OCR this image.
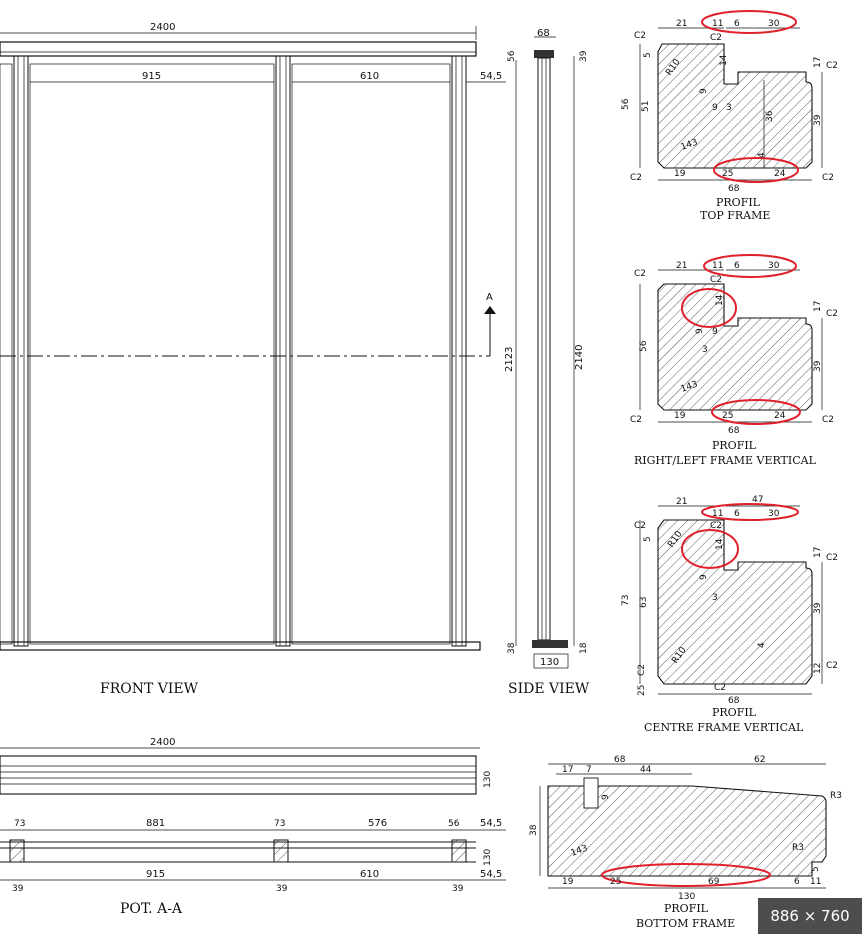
2400
915	610	54,5
A
2123
FRONT VIEW
68
56	39
2140
38
130
18
SIDE VIEW
2400
130
73	881	73	576	56 54,5
130
39
915
39
610
39
54,5
POT. A-A
21	11 6	30
C2	C2
5	14	17 C2
56 51
R10
9
9 3
36	39
143
4
C2	19	25	24	C2
68
PROFIL
TOP FRAME
21	11 6	30
C2
C2
14
17
C2
56
9 9
3
39
143
C2	19	25	24	C2
68
PROFIL
RIGHT/LEFT FRAME VERTICAL
21	47
11 6	30
C2	C2
5	14
17 C2
73 63
R10
9
3
39
R10
4
12 C2
25
C2
C2
68
PROFIL
CENTRE FRAME VERTICAL
68	62
17 7	44
R3
9
38
143	R3
5
19	25	69	6 11
130
PROFIL
BOTTOM FRAME	886 × 760
